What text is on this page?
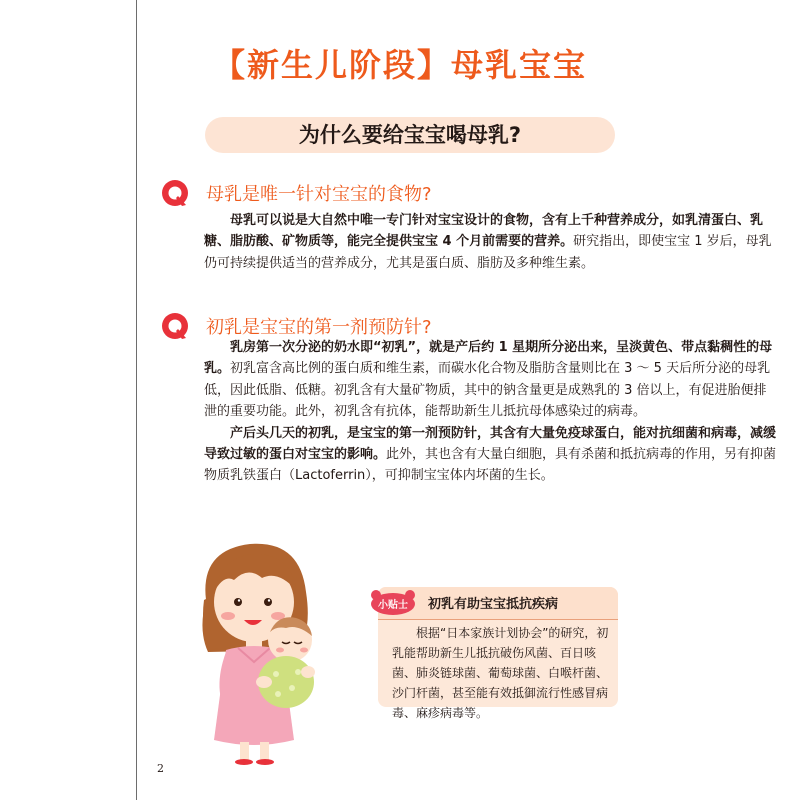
【新生儿阶段】母乳宝宝
为什么要给宝宝喝母乳?
Q
母乳是唯一针对宝宝的食物?

母乳可以说是大自然中唯一专门针对宝宝设计的食物，含有上千种营养成分，如乳清蛋白、乳糖、脂肪酸、矿物质等，能完全提供宝宝 4 个月前需要的营养。研究指出，即使宝宝 1 岁后，母乳仍可持续提供适当的营养成分，尤其是蛋白质、脂肪及多种维生素。

初乳是宝宝的第一剂预防针?

乳房第一次分泌的奶水即“初乳”，就是产后约 1 星期所分泌出来，呈淡黄色、带点黏稠性的母乳。初乳富含高比例的蛋白质和维生素，而碳水化合物及脂肪含量则比在 3 ～ 5 天后所分泌的母乳低，因此低脂、低糖。初乳含有大量矿物质，其中的钠含量更是成熟乳的 3 倍以上，有促进胎便排泄的重要功能。此外，初乳含有抗体，能帮助新生儿抵抗母体感染过的病毒。

产后头几天的初乳，是宝宝的第一剂预防针，其含有大量免疫球蛋白，能对抗细菌和病毒，减缓导致过敏的蛋白对宝宝的影响。此外，其也含有大量白细胞，具有杀菌和抵抗病毒的作用，另有抑菌物质乳铁蛋白（Lactoferrin），可抑制宝宝体内坏菌的生长。

小贴士 初乳有助宝宝抵抗疾病

根据“日本家族计划协会”的研究，初乳能帮助新生儿抵抗破伤风菌、百日咳菌、肺炎链球菌、葡萄球菌、白喉杆菌、沙门杆菌，甚至能有效抵御流行性感冒病毒、麻疹病毒等。

2
